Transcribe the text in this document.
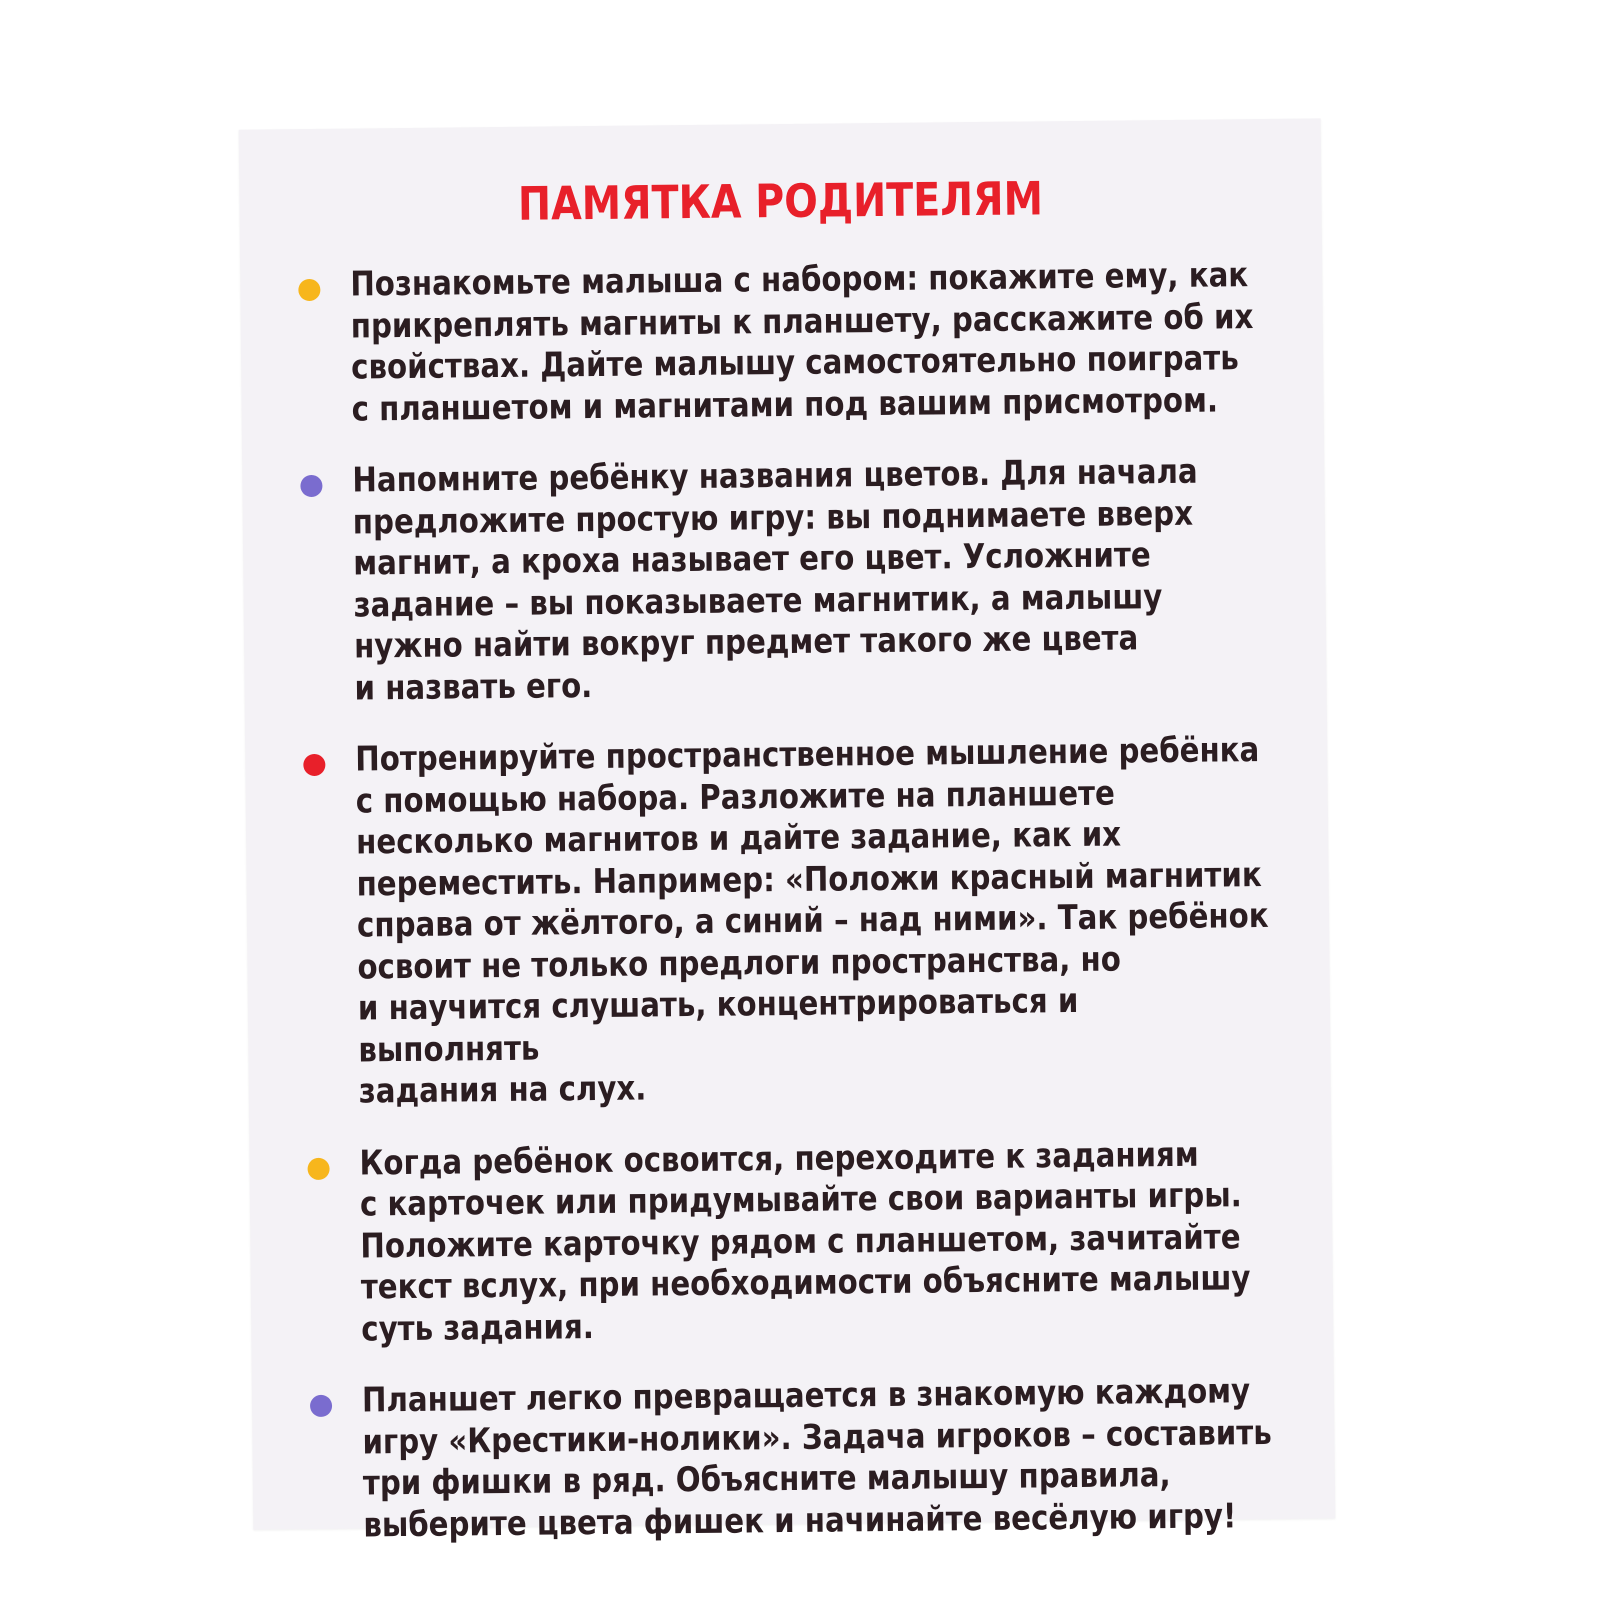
ПАМЯТКА РОДИТЕЛЯМ
Познакомьте малыша с набором: покажите ему, как
прикреплять магниты к планшету, расскажите об их
свойствах. Дайте малышу самостоятельно поиграть
с планшетом и магнитами под вашим присмотром.
Напомните ребёнку названия цветов. Для начала
предложите простую игру: вы поднимаете вверх
магнит, а кроха называет его цвет. Усложните
задание – вы показываете магнитик, а малышу
нужно найти вокруг предмет такого же цвета
и назвать его.
Потренируйте пространственное мышление ребёнка
с помощью набора. Разложите на планшете
несколько магнитов и дайте задание, как их
переместить. Например: «Положи красный магнитик
справа от жёлтого, а синий – над ними». Так ребёнок
освоит не только предлоги пространства, но
и научится слушать, концентрироваться и выполнять
задания на слух.
Когда ребёнок освоится, переходите к заданиям
с карточек или придумывайте свои варианты игры.
Положите карточку рядом с планшетом, зачитайте
текст вслух, при необходимости объясните малышу
суть задания.
Планшет легко превращается в знакомую каждому
игру «Крестики-нолики». Задача игроков – составить
три фишки в ряд. Объясните малышу правила,
выберите цвета фишек и начинайте весёлую игру!
